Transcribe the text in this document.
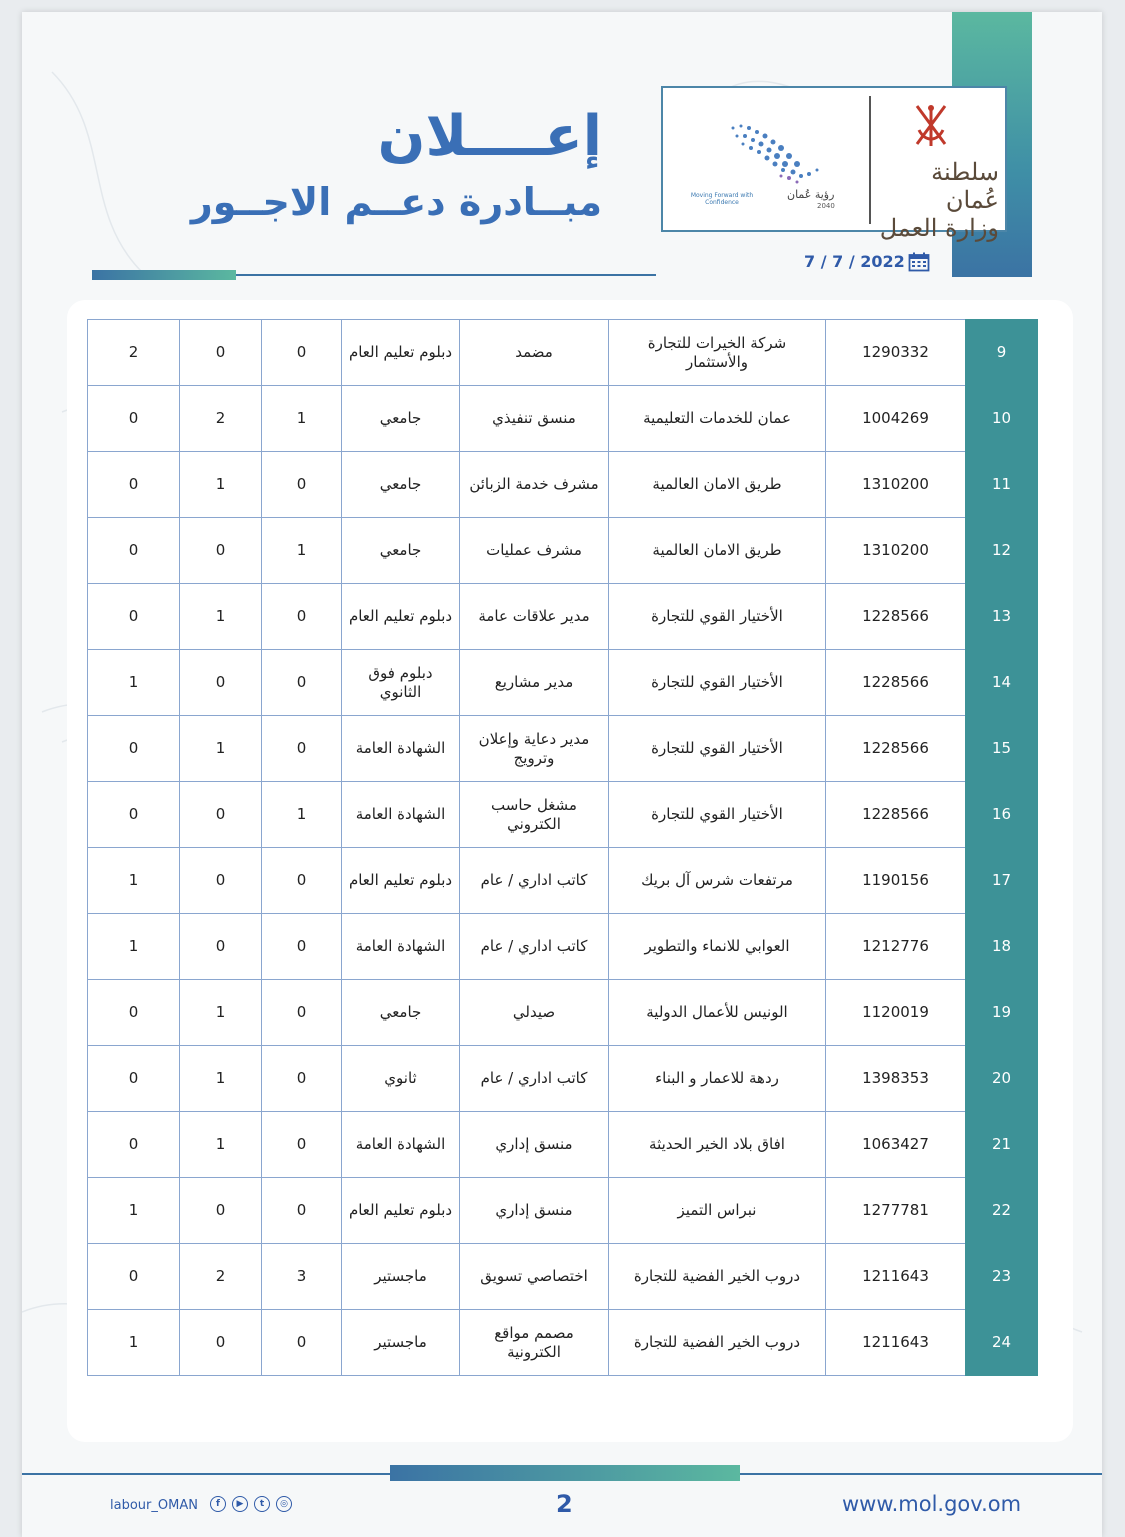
رؤية عُمان
2040
Moving Forward with Confidence
سلطنة عُمان
وزارة العمل
إعــــلان
مبــادرة دعــم الاجــور
2022 / 7 / 7
9	1290332	شركة الخيرات للتجارة والأستثمار	مضمد	دبلوم تعليم العام	0	0	2
10	1004269	عمان للخدمات التعليمية	منسق تنفيذي	جامعي	1	2	0
11	1310200	طريق الامان العالمية	مشرف خدمة الزبائن	جامعي	0	1	0
12	1310200	طريق الامان العالمية	مشرف عمليات	جامعي	1	0	0
13	1228566	الأختيار القوي للتجارة	مدير علاقات عامة	دبلوم تعليم العام	0	1	0
14	1228566	الأختيار القوي للتجارة	مدير مشاريع	دبلوم فوق الثانوي	0	0	1
15	1228566	الأختيار القوي للتجارة	مدير دعاية وإعلان وترويج	الشهادة العامة	0	1	0
16	1228566	الأختيار القوي للتجارة	مشغل حاسب الكتروني	الشهادة العامة	1	0	0
17	1190156	مرتفعات شرس آل بريك	كاتب اداري / عام	دبلوم تعليم العام	0	0	1
18	1212776	العوابي للانماء والتطوير	كاتب اداري / عام	الشهادة العامة	0	0	1
19	1120019	الونيس للأعمال الدولية	صيدلي	جامعي	0	1	0
20	1398353	ردهة للاعمار و البناء	كاتب اداري / عام	ثانوي	0	1	0
21	1063427	افاق بلاد الخير الحديثة	منسق إداري	الشهادة العامة	0	1	0
22	1277781	نبراس التميز	منسق إداري	دبلوم تعليم العام	0	0	1
23	1211643	دروب الخير الفضية للتجارة	اختصاصي تسويق	ماجستير	3	2	0
24	1211643	دروب الخير الفضية للتجارة	مصمم مواقع الكترونية	ماجستير	0	0	1
www.mol.gov.om
2
labour_OMAN	f	▶	t	◎
